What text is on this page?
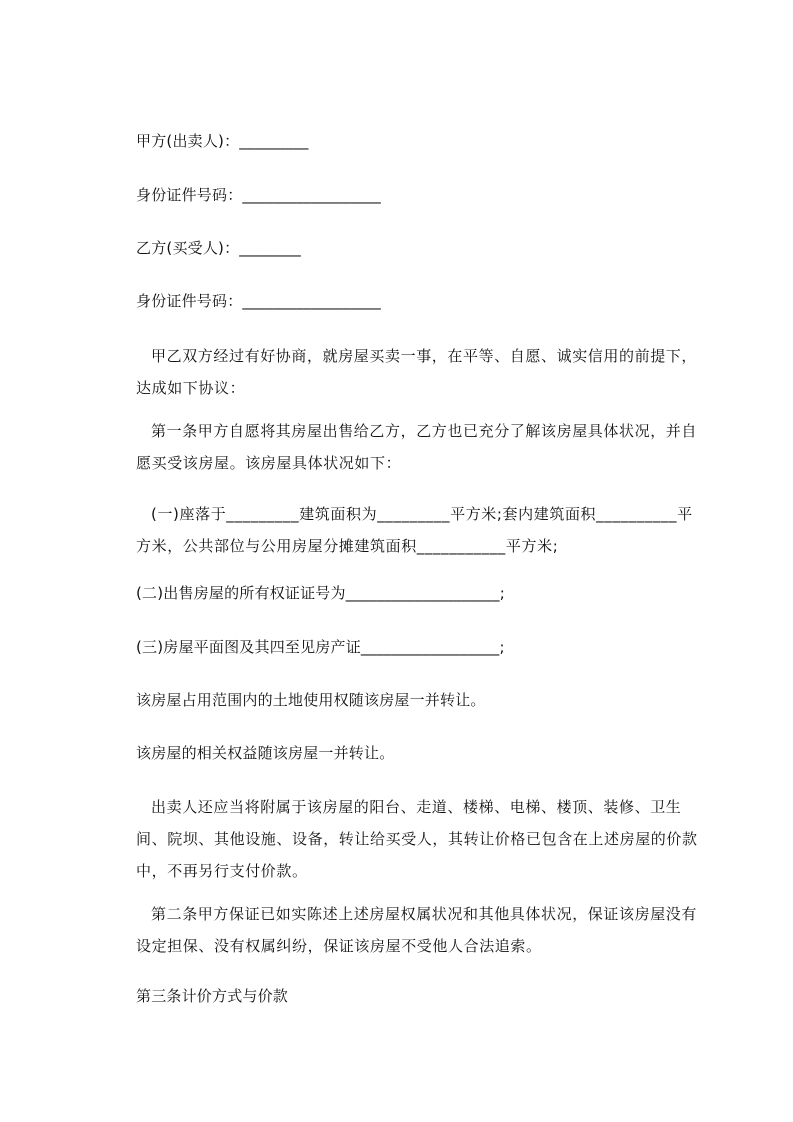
甲方(出卖人)：_________
身份证件号码：__________________
乙方(买受人)：________
身份证件号码：__________________
甲乙双方经过有好协商，就房屋买卖一事，在平等、自愿、诚实信用的前提下，达成如下协议：
第一条甲方自愿将其房屋出售给乙方，乙方也已充分了解该房屋具体状况，并自愿买受该房屋。该房屋具体状况如下：
(一)座落于_________建筑面积为_________平方米;套内建筑面积__________平方米，公共部位与公用房屋分摊建筑面积___________平方米;
(二)出售房屋的所有权证证号为____________________;
(三)房屋平面图及其四至见房产证__________________;
该房屋占用范围内的土地使用权随该房屋一并转让。
该房屋的相关权益随该房屋一并转让。
出卖人还应当将附属于该房屋的阳台、走道、楼梯、电梯、楼顶、装修、卫生间、院坝、其他设施、设备，转让给买受人，其转让价格已包含在上述房屋的价款中，不再另行支付价款。
第二条甲方保证已如实陈述上述房屋权属状况和其他具体状况，保证该房屋没有设定担保、没有权属纠纷，保证该房屋不受他人合法追索。
第三条计价方式与价款
